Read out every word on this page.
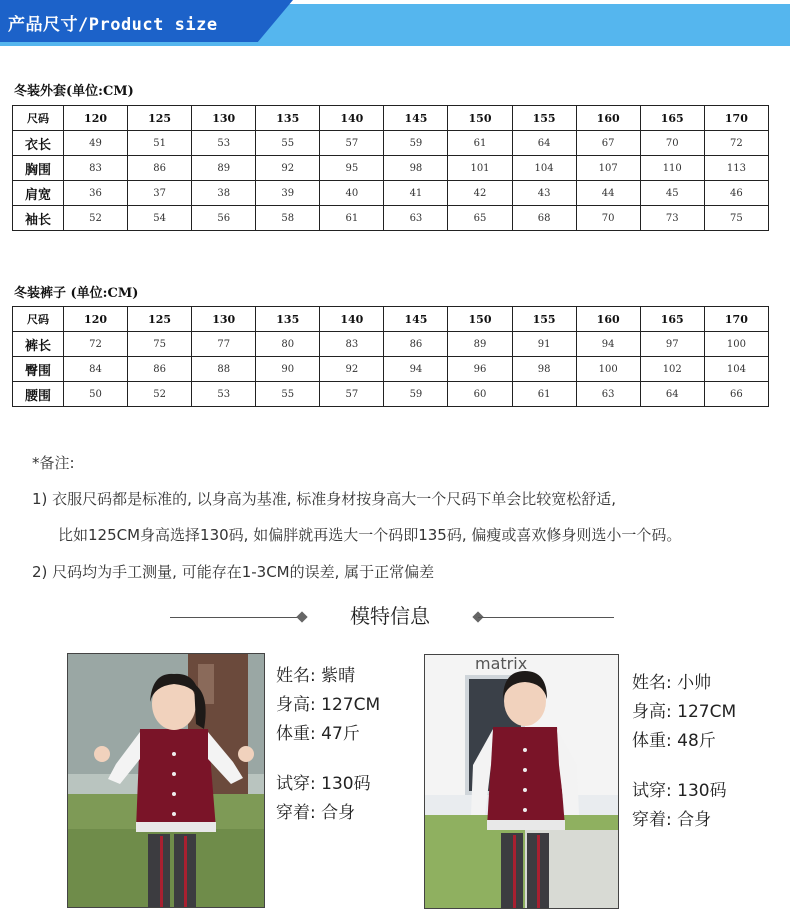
产品尺寸/Product size
冬装外套(单位:CM)
尺码	120	125	130	135	140	145	150	155	160	165	170
衣长	49	51	53	55	57	59	61	64	67	70	72
胸围	83	86	89	92	95	98	101	104	107	110	113
肩宽	36	37	38	39	40	41	42	43	44	45	46
袖长	52	54	56	58	61	63	65	68	70	73	75
冬装裤子 (单位:CM)
尺码	120	125	130	135	140	145	150	155	160	165	170
裤长	72	75	77	80	83	86	89	91	94	97	100
臀围	84	86	88	90	92	94	96	98	100	102	104
腰围	50	52	53	55	57	59	60	61	63	64	66
*备注:
1) 衣服尺码都是标准的, 以身高为基准, 标准身材按身高大一个尺码下单会比较宽松舒适,
比如125CM身高选择130码, 如偏胖就再选大一个码即135码, 偏瘦或喜欢修身则选小一个码。
2) 尺码均为手工测量, 可能存在1-3CM的误差, 属于正常偏差
模特信息
姓名: 紫晴
身高: 127CM
体重: 47斤
试穿: 130码
穿着: 合身
matrix
姓名: 小帅
身高: 127CM
体重: 48斤
试穿: 130码
穿着: 合身
